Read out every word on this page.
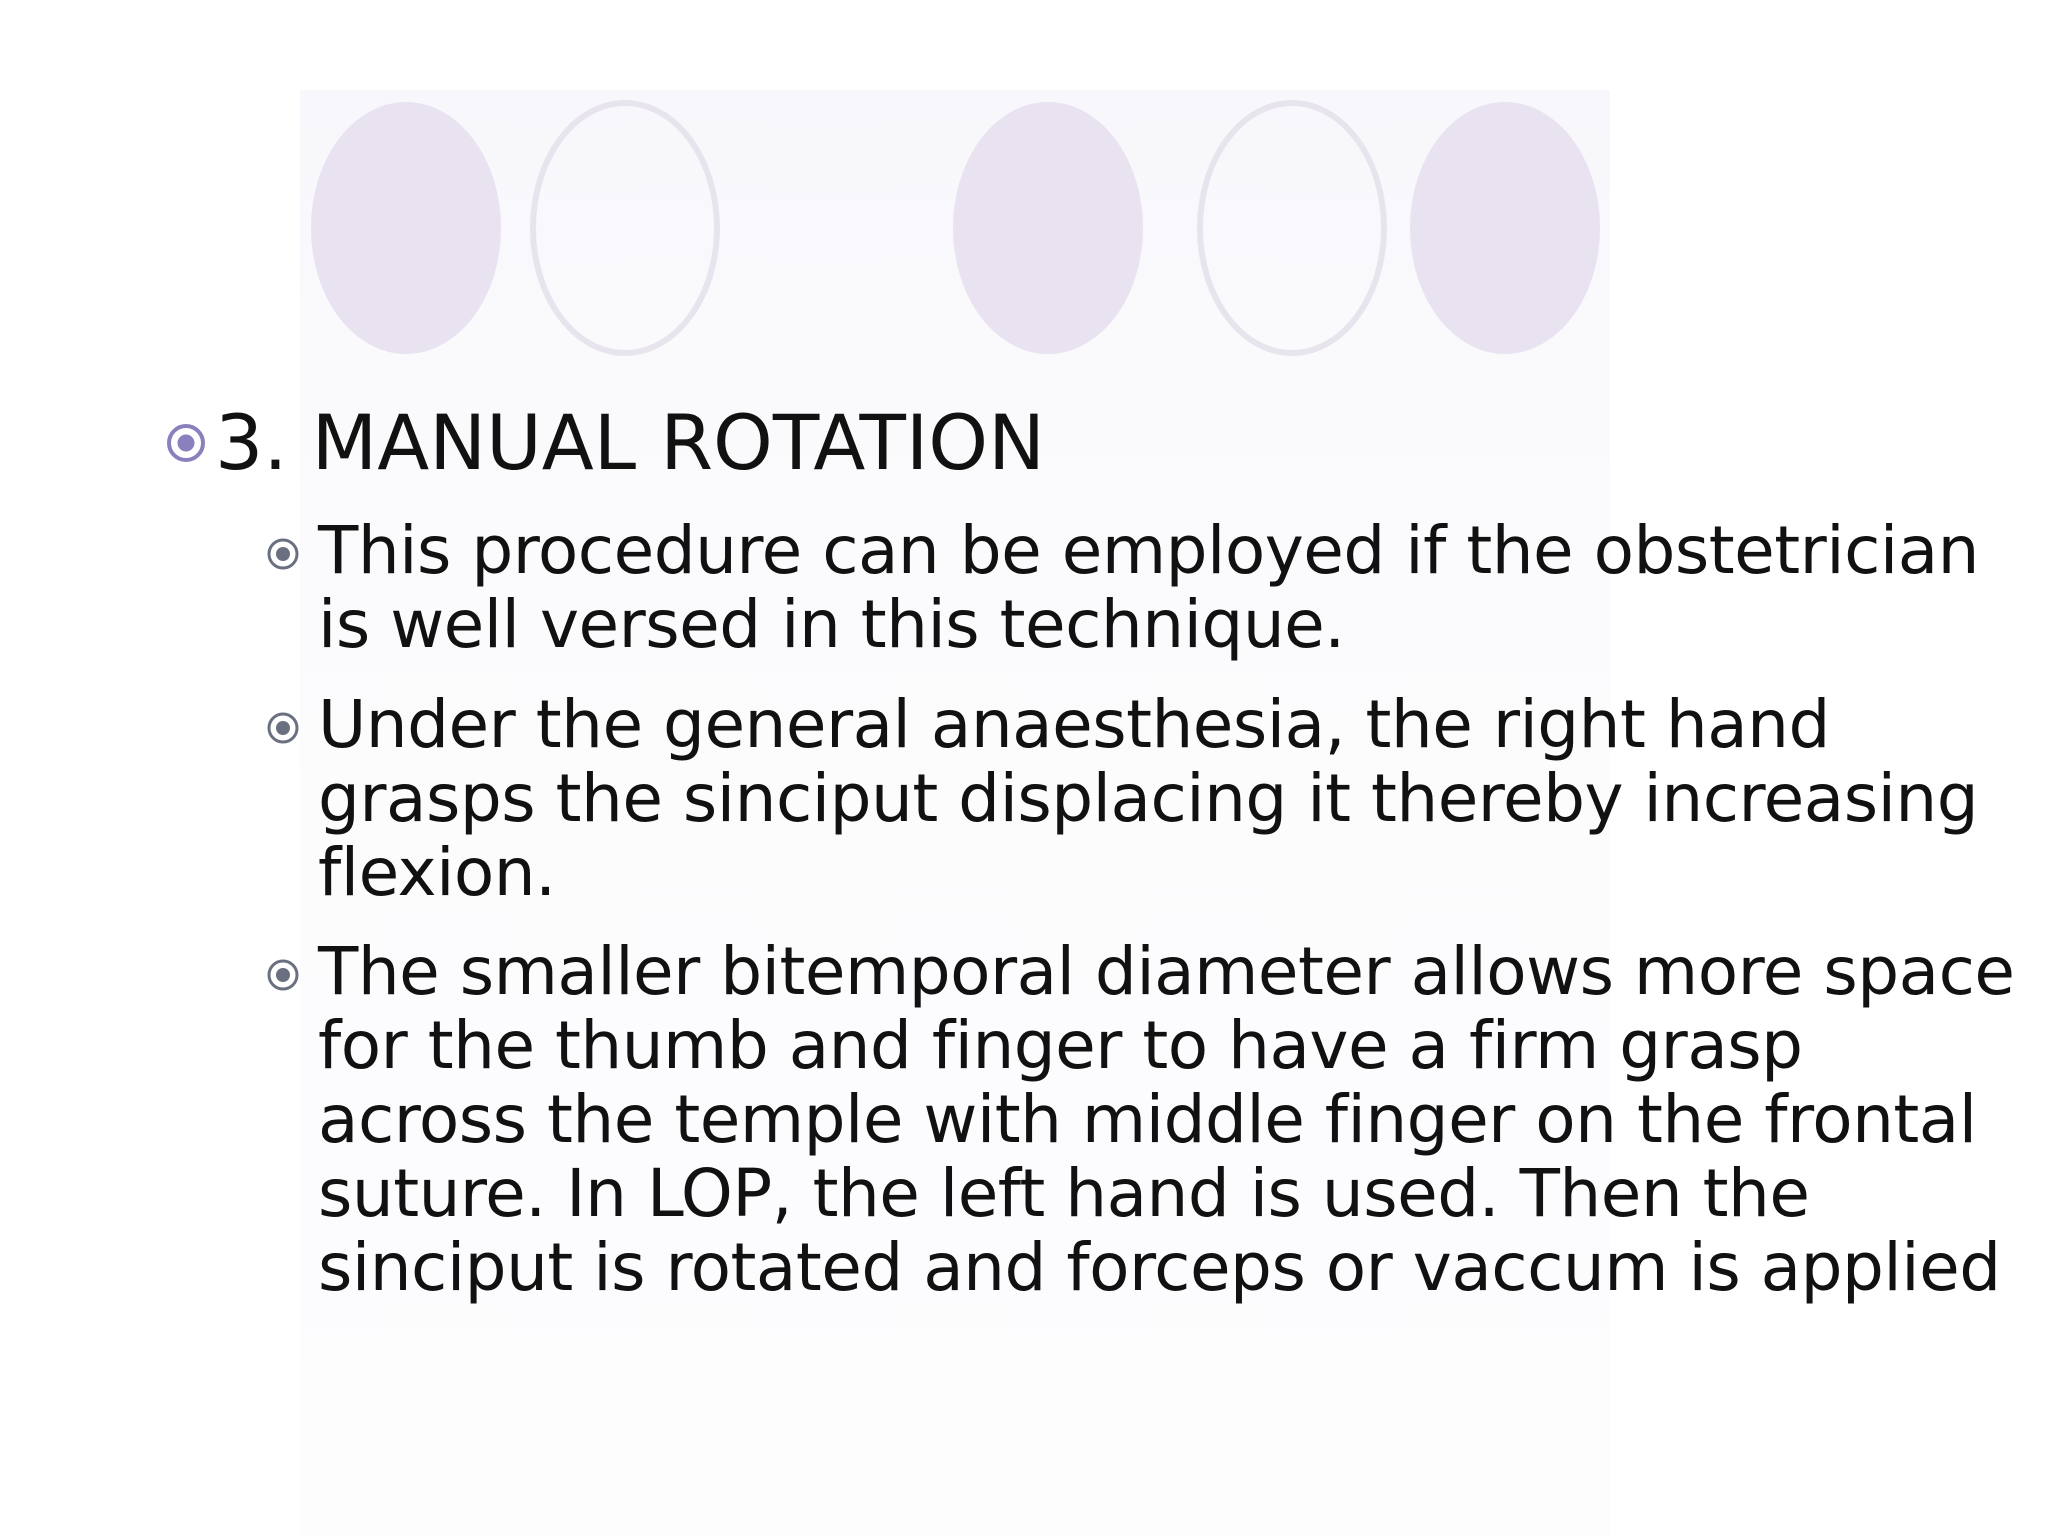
3. MANUAL ROTATION
This procedure can be employed if the obstetrician
is well versed in this technique.
Under the general anaesthesia, the right hand
grasps the sinciput displacing it thereby increasing
flexion.
The smaller bitemporal diameter allows more space
for the thumb and finger to have a firm grasp
across the temple with middle finger on the frontal
suture. In LOP, the left hand is used. Then the
sinciput is rotated and forceps or vaccum is applied
